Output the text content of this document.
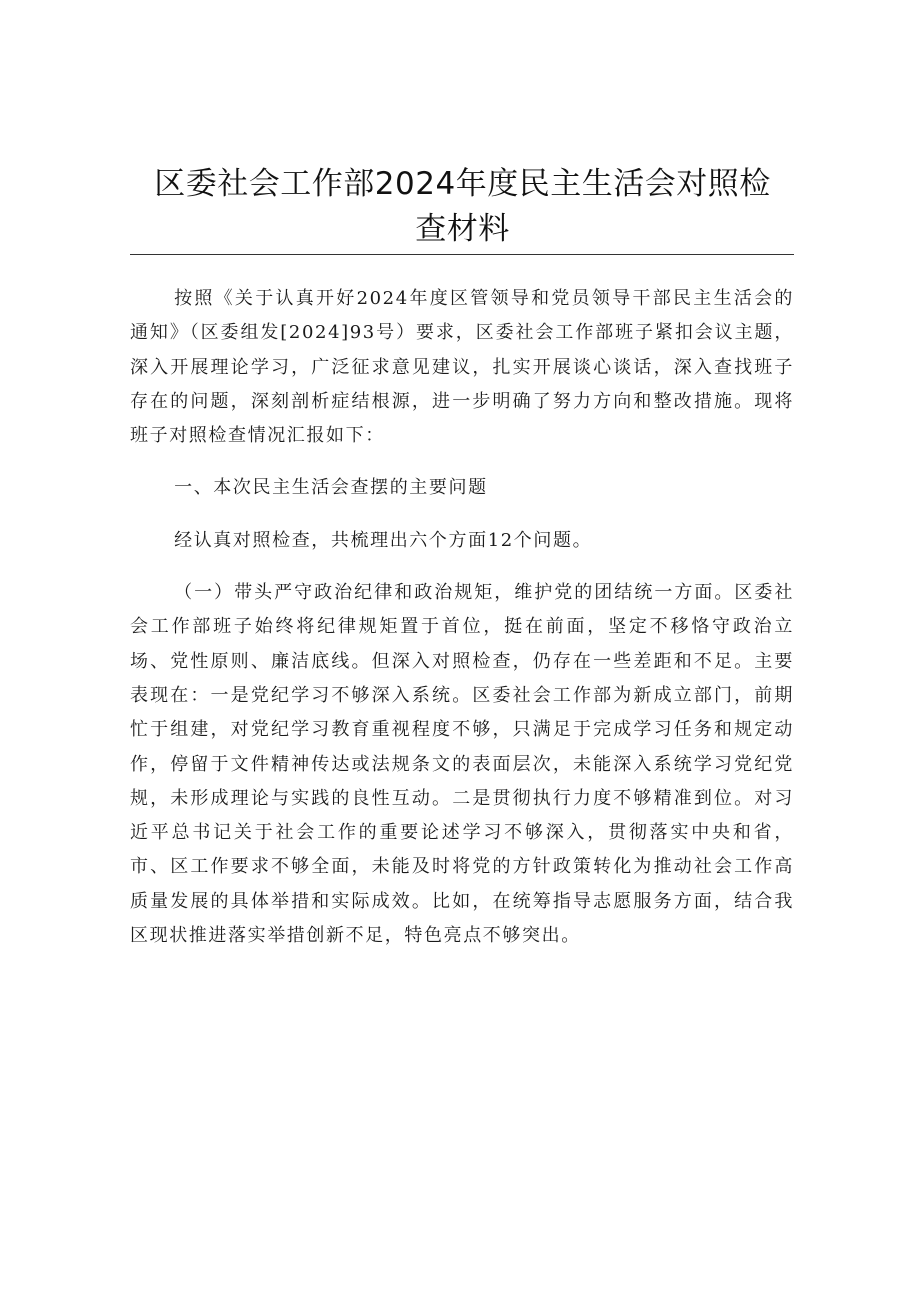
区委社会工作部2024年度民主生活会对照检
查材料

按照《关于认真开好2024年度区管领导和党员领导干部民主生活会的通知》（区委组发[2024]93号）要求，区委社会工作部班子紧扣会议主题，深入开展理论学习，广泛征求意见建议，扎实开展谈心谈话，深入查找班子存在的问题，深刻剖析症结根源，进一步明确了努力方向和整改措施。现将班子对照检查情况汇报如下：

一、本次民主生活会查摆的主要问题

经认真对照检查，共梳理出六个方面12个问题。

（一）带头严守政治纪律和政治规矩，维护党的团结统一方面。区委社会工作部班子始终将纪律规矩置于首位，挺在前面，坚定不移恪守政治立场、党性原则、廉洁底线。但深入对照检查，仍存在一些差距和不足。主要表现在：一是党纪学习不够深入系统。区委社会工作部为新成立部门，前期忙于组建，对党纪学习教育重视程度不够，只满足于完成学习任务和规定动作，停留于文件精神传达或法规条文的表面层次，未能深入系统学习党纪党规，未形成理论与实践的良性互动。二是贯彻执行力度不够精准到位。对习近平总书记关于社会工作的重要论述学习不够深入，贯彻落实中央和省，市、区工作要求不够全面，未能及时将党的方针政策转化为推动社会工作高质量发展的具体举措和实际成效。比如，在统筹指导志愿服务方面，结合我区现状推进落实举措创新不足，特色亮点不够突出。
